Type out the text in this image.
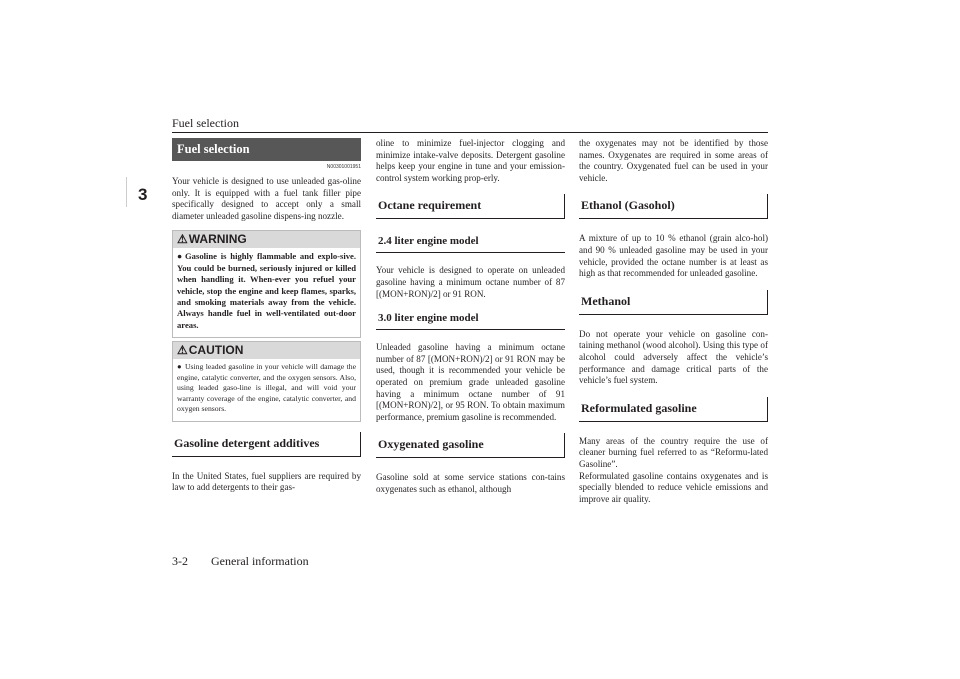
Fuel selection
3
Fuel selection
N00301001951

Your vehicle is designed to use unleaded gas-oline only. It is equipped with a fuel tank filler pipe specifically designed to accept only a small diameter unleaded gasoline dispens-ing nozzle.

⚠ WARNING

● Gasoline is highly flammable and explo-sive. You could be burned, seriously injured or killed when handling it. When-ever you refuel your vehicle, stop the engine and keep flames, sparks, and smoking materials away from the vehicle. Always handle fuel in well-ventilated out-door areas.

⚠ CAUTION

● Using leaded gasoline in your vehicle will damage the engine, catalytic converter, and the oxygen sensors. Also, using leaded gaso-line is illegal, and will void your warranty coverage of the engine, catalytic converter, and oxygen sensors.

Gasoline detergent additives

In the United States, fuel suppliers are required by law to add detergents to their gas-

oline to minimize fuel-injector clogging and minimize intake-valve deposits. Detergent gasoline helps keep your engine in tune and your emission-control system working prop-erly.

Octane requirement
2.4 liter engine model

Your vehicle is designed to operate on unleaded gasoline having a minimum octane number of 87 [(MON+RON)/2] or 91 RON.

3.0 liter engine model

Unleaded gasoline having a minimum octane number of 87 [(MON+RON)/2] or 91 RON may be used, though it is recommended your vehicle be operated on premium grade unleaded gasoline having a minimum octane number of 91 [(MON+RON)/2], or 95 RON. To obtain maximum performance, premium gasoline is recommended.

Oxygenated gasoline

Gasoline sold at some service stations con-tains oxygenates such as ethanol, although

the oxygenates may not be identified by those names. Oxygenates are required in some areas of the country. Oxygenated fuel can be used in your vehicle.

Ethanol (Gasohol)

A mixture of up to 10 % ethanol (grain alco-hol) and 90 % unleaded gasoline may be used in your vehicle, provided the octane number is at least as high as that recommended for unleaded gasoline.

Methanol

Do not operate your vehicle on gasoline con-taining methanol (wood alcohol). Using this type of alcohol could adversely affect the vehicle’s performance and damage critical parts of the vehicle’s fuel system.

Reformulated gasoline

Many areas of the country require the use of cleaner burning fuel referred to as “Reformu-lated Gasoline”.

Reformulated gasoline contains oxygenates and is specially blended to reduce vehicle emissions and improve air quality.

3-2 General information
